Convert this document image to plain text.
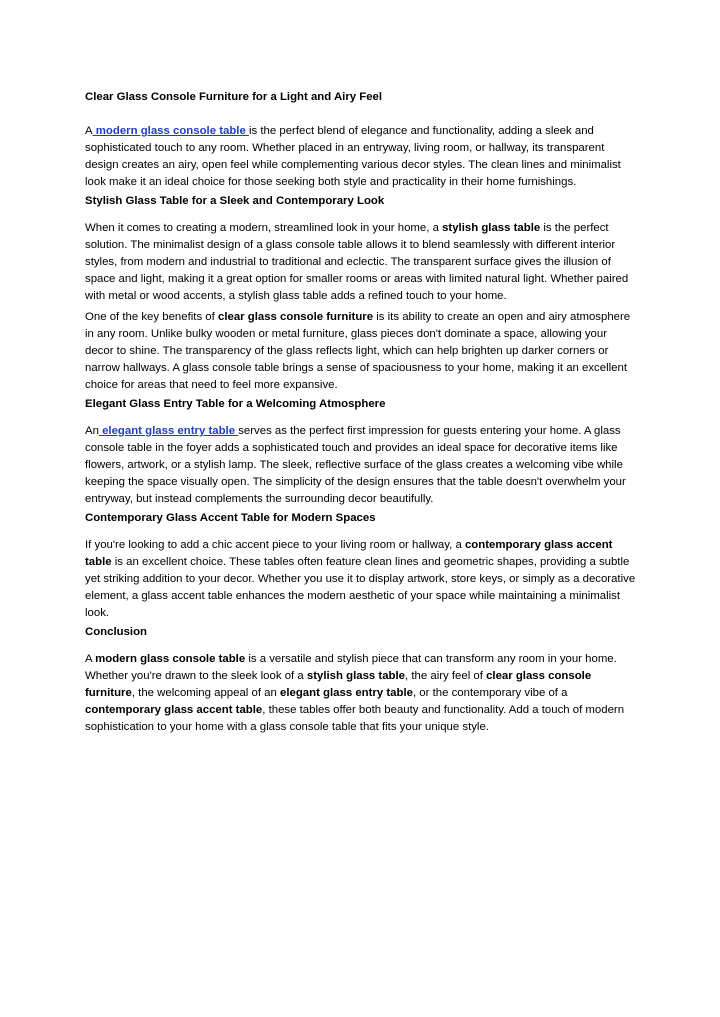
Clear Glass Console Furniture for a Light and Airy Feel

A modern glass console table is the perfect blend of elegance and functionality, adding a sleek and sophisticated touch to any room. Whether placed in an entryway, living room, or hallway, its transparent design creates an airy, open feel while complementing various decor styles. The clean lines and minimalist look make it an ideal choice for those seeking both style and practicality in their home furnishings.

Stylish Glass Table for a Sleek and Contemporary Look

When it comes to creating a modern, streamlined look in your home, a stylish glass table is the perfect solution. The minimalist design of a glass console table allows it to blend seamlessly with different interior styles, from modern and industrial to traditional and eclectic. The transparent surface gives the illusion of space and light, making it a great option for smaller rooms or areas with limited natural light. Whether paired with metal or wood accents, a stylish glass table adds a refined touch to your home.

One of the key benefits of clear glass console furniture is its ability to create an open and airy atmosphere in any room. Unlike bulky wooden or metal furniture, glass pieces don't dominate a space, allowing your decor to shine. The transparency of the glass reflects light, which can help brighten up darker corners or narrow hallways. A glass console table brings a sense of spaciousness to your home, making it an excellent choice for areas that need to feel more expansive.

Elegant Glass Entry Table for a Welcoming Atmosphere

An elegant glass entry table serves as the perfect first impression for guests entering your home. A glass console table in the foyer adds a sophisticated touch and provides an ideal space for decorative items like flowers, artwork, or a stylish lamp. The sleek, reflective surface of the glass creates a welcoming vibe while keeping the space visually open. The simplicity of the design ensures that the table doesn't overwhelm your entryway, but instead complements the surrounding decor beautifully.

Contemporary Glass Accent Table for Modern Spaces

If you're looking to add a chic accent piece to your living room or hallway, a contemporary glass accent table is an excellent choice. These tables often feature clean lines and geometric shapes, providing a subtle yet striking addition to your decor. Whether you use it to display artwork, store keys, or simply as a decorative element, a glass accent table enhances the modern aesthetic of your space while maintaining a minimalist look.

Conclusion

A modern glass console table is a versatile and stylish piece that can transform any room in your home. Whether you're drawn to the sleek look of a stylish glass table, the airy feel of clear glass console furniture, the welcoming appeal of an elegant glass entry table, or the contemporary vibe of a contemporary glass accent table, these tables offer both beauty and functionality. Add a touch of modern sophistication to your home with a glass console table that fits your unique style.
